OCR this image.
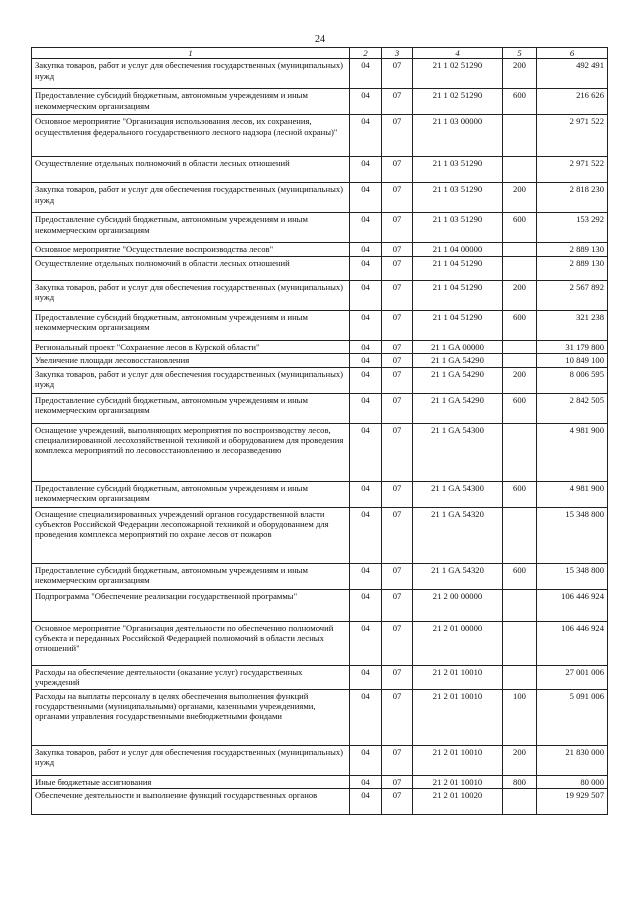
24
1	2	3	4	5	6
Закупка товаров, работ и услуг для обеспечения государственных (муниципальных) нужд	04	07	21 1 02 51290	200	492 491
Предоставление субсидий бюджетным, автономным учреждениям и иным некоммерческим организациям	04	07	21 1 02 51290	600	216 626
Основное мероприятие "Организация использования лесов, их сохранения, осуществления федерального государственного лесного надзора (лесной охраны)"	04	07	21 1 03 00000		2 971 522
Осуществление отдельных полномочий в области лесных отношений	04	07	21 1 03 51290		2 971 522
Закупка товаров, работ и услуг для обеспечения государственных (муниципальных) нужд	04	07	21 1 03 51290	200	2 818 230
Предоставление субсидий бюджетным, автономным учреждениям и иным некоммерческим организациям	04	07	21 1 03 51290	600	153 292
Основное мероприятие "Осуществление воспроизводства лесов"	04	07	21 1 04 00000		2 889 130
Осуществление отдельных полномочий в области лесных отношений	04	07	21 1 04 51290		2 889 130
Закупка товаров, работ и услуг для обеспечения государственных (муниципальных) нужд	04	07	21 1 04 51290	200	2 567 892
Предоставление субсидий бюджетным, автономным учреждениям и иным некоммерческим организациям	04	07	21 1 04 51290	600	321 238
Региональный проект "Сохранение лесов в Курской области"	04	07	21 1 GA 00000		31 179 800
Увеличение площади лесовосстановления	04	07	21 1 GA 54290		10 849 100
Закупка товаров, работ и услуг для обеспечения государственных (муниципальных) нужд	04	07	21 1 GA 54290	200	8 006 595
Предоставление субсидий бюджетным, автономным учреждениям и иным некоммерческим организациям	04	07	21 1 GA 54290	600	2 842 505
Оснащение учреждений, выполняющих мероприятия по воспроизводству лесов, специализированной лесохозяйственной техникой и оборудованием для проведения комплекса мероприятий по лесовосстановлению и лесоразведению	04	07	21 1 GA 54300		4 981 900
Предоставление субсидий бюджетным, автономным учреждениям и иным некоммерческим организациям	04	07	21 1 GA 54300	600	4 981 900
Оснащение специализированных учреждений органов государственной власти субъектов Российской Федерации лесопожарной техникой и оборудованием для проведения комплекса мероприятий по охране лесов от пожаров	04	07	21 1 GA 54320		15 348 800
Предоставление субсидий бюджетным, автономным учреждениям и иным некоммерческим организациям	04	07	21 1 GA 54320	600	15 348 800
Подпрограмма "Обеспечение реализации государственной программы"	04	07	21 2 00 00000		106 446 924
Основное мероприятие "Организация деятельности по обеспечению полномочий субъекта и переданных Российской Федерацией полномочий в области лесных отношений"	04	07	21 2 01 00000		106 446 924
Расходы на обеспечение деятельности (оказание услуг) государственных учреждений	04	07	21 2 01 10010		27 001 006
Расходы на выплаты персоналу в целях обеспечения выполнения функций государственными (муниципальными) органами, казенными учреждениями, органами управления государственными внебюджетными фондами	04	07	21 2 01 10010	100	5 091 006
Закупка товаров, работ и услуг для обеспечения государственных (муниципальных) нужд	04	07	21 2 01 10010	200	21 830 000
Иные бюджетные ассигнования	04	07	21 2 01 10010	800	80 000
Обеспечение деятельности и выполнение функций государственных органов	04	07	21 2 01 10020		19 929 507
